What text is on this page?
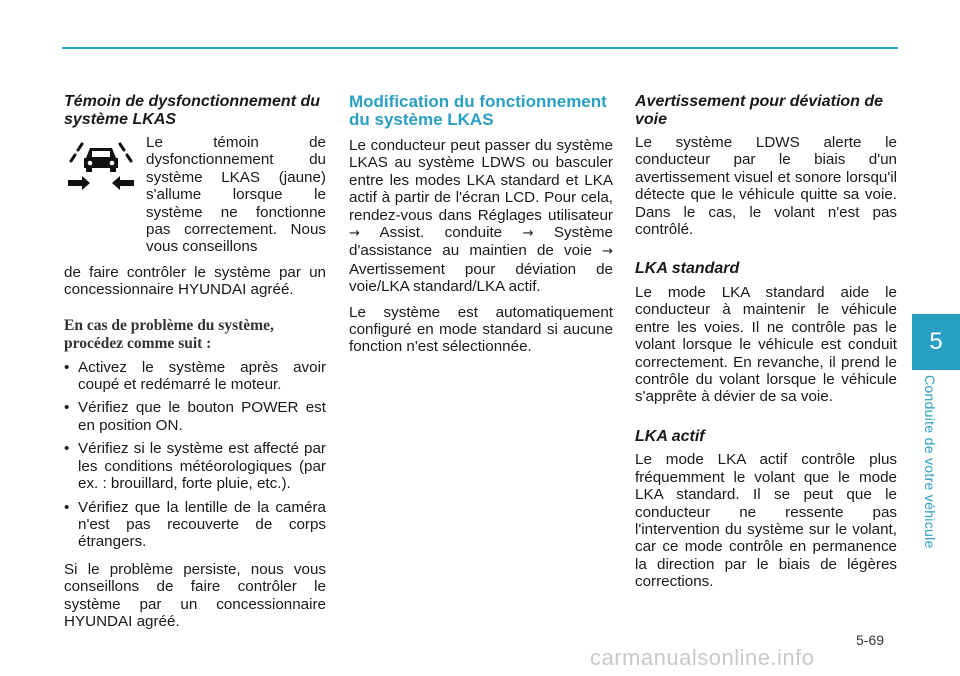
Témoin de dysfonctionnement du système LKAS

Le témoin de dysfonctionnement du système LKAS (jaune) s'allume lorsque le système ne fonctionne pas correctement. Nous vous conseillons

de faire contrôler le système par un concessionnaire HYUNDAI agréé.

En cas de problème du système, procédez comme suit :
• Activez le système après avoir coupé et redémarré le moteur.
• Vérifiez que le bouton POWER est en position ON.
• Vérifiez si le système est affecté par les conditions météorologiques (par ex. : brouillard, forte pluie, etc.).
• Vérifiez que la lentille de la caméra n'est pas recouverte de corps étrangers.

Si le problème persiste, nous vous conseillons de faire contrôler le système par un concessionnaire HYUNDAI agréé.

Modification du fonctionnement du système LKAS

Le conducteur peut passer du système LKAS au système LDWS ou basculer entre les modes LKA standard et LKA actif à partir de l'écran LCD. Pour cela, rendez-vous dans Réglages utilisateur → Assist. conduite → Système d'assistance au maintien de voie → Avertissement pour déviation de voie/LKA standard/LKA actif.

Le système est automatiquement configuré en mode standard si aucune fonction n'est sélectionnée.

Avertissement pour déviation de voie

Le système LDWS alerte le conducteur par le biais d'un avertissement visuel et sonore lorsqu'il détecte que le véhicule quitte sa voie. Dans le cas, le volant n'est pas contrôlé.

LKA standard

Le mode LKA standard aide le conducteur à maintenir le véhicule entre les voies. Il ne contrôle pas le volant lorsque le véhicule est conduit correctement. En revanche, il prend le contrôle du volant lorsque le véhicule s'apprête à dévier de sa voie.

LKA actif

Le mode LKA actif contrôle plus fréquemment le volant que le mode LKA standard. Il se peut que le conducteur ne ressente pas l'intervention du système sur le volant, car ce mode contrôle en permanence la direction par le biais de légères corrections.

5
Conduite de votre véhicule
5-69
carmanualsonline.info
